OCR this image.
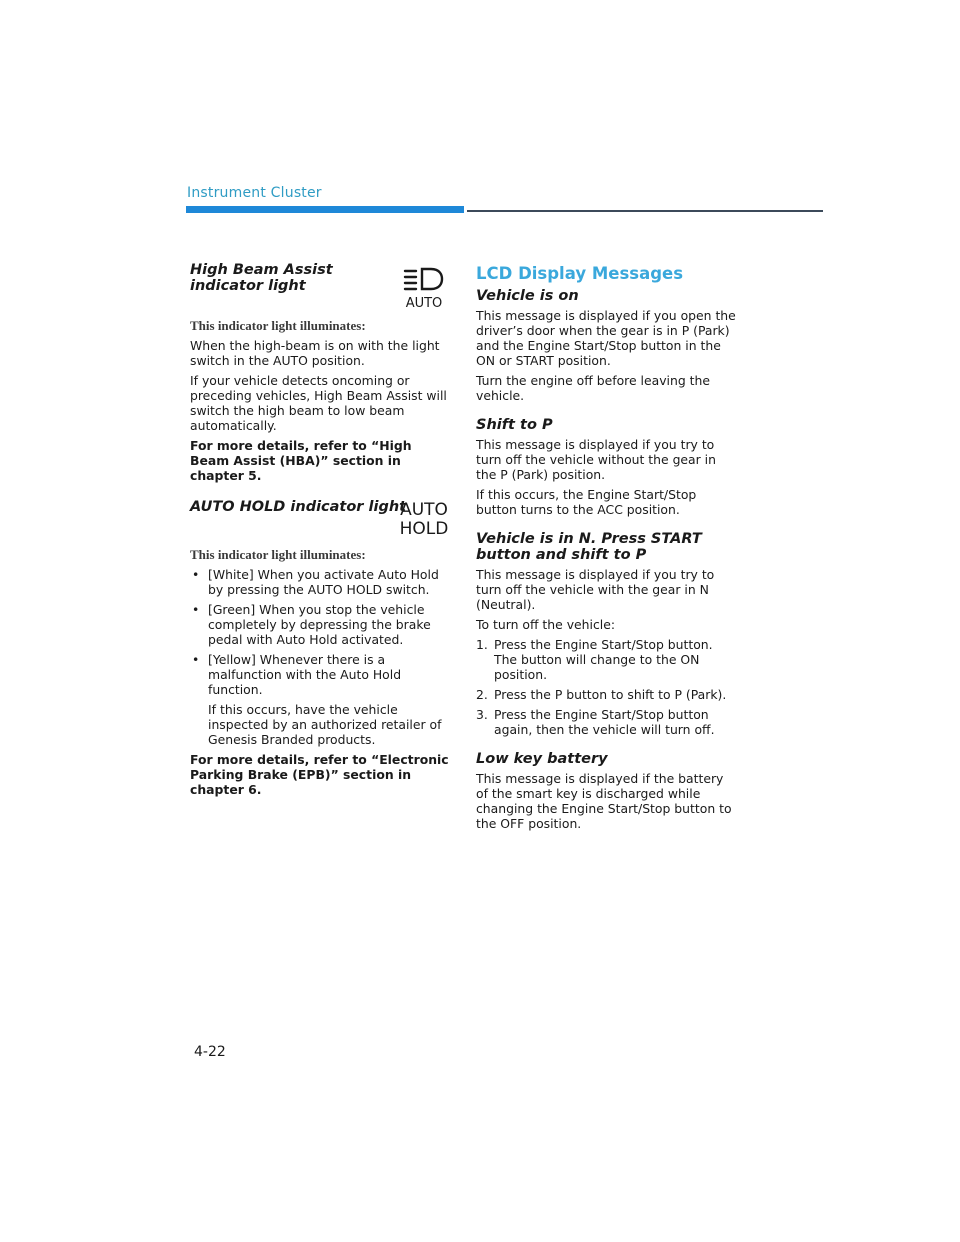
Instrument Cluster
High Beam Assist indicator light
AUTO

This indicator light illuminates:

When the high-beam is on with the light switch in the AUTO position.

If your vehicle detects oncoming or preceding vehicles, High Beam Assist will switch the high beam to low beam automatically.

For more details, refer to “High Beam Assist (HBA)” section in chapter 5.

AUTO HOLD indicator light
AUTO
HOLD

This indicator light illuminates:

• [White] When you activate Auto Hold by pressing the AUTO HOLD switch.
• [Green] When you stop the vehicle completely by depressing the brake pedal with Auto Hold activated.
• [Yellow] Whenever there is a malfunction with the Auto Hold function.

If this occurs, have the vehicle inspected by an authorized retailer of Genesis Branded products.

For more details, refer to “Electronic Parking Brake (EPB)” section in chapter 6.

LCD Display Messages
Vehicle is on

This message is displayed if you open the driver’s door when the gear is in P (Park) and the Engine Start/Stop button in the ON or START position.

Turn the engine off before leaving the vehicle.

Shift to P

This message is displayed if you try to turn off the vehicle without the gear in the P (Park) position.

If this occurs, the Engine Start/Stop button turns to the ACC position.

Vehicle is in N. Press START button and shift to P

This message is displayed if you try to turn off the vehicle with the gear in N (Neutral).

To turn off the vehicle:

1. Press the Engine Start/Stop button. The button will change to the ON position.
2. Press the P button to shift to P (Park).
3. Press the Engine Start/Stop button again, then the vehicle will turn off.
Low key battery

This message is displayed if the battery of the smart key is discharged while changing the Engine Start/Stop button to the OFF position.

4-22
